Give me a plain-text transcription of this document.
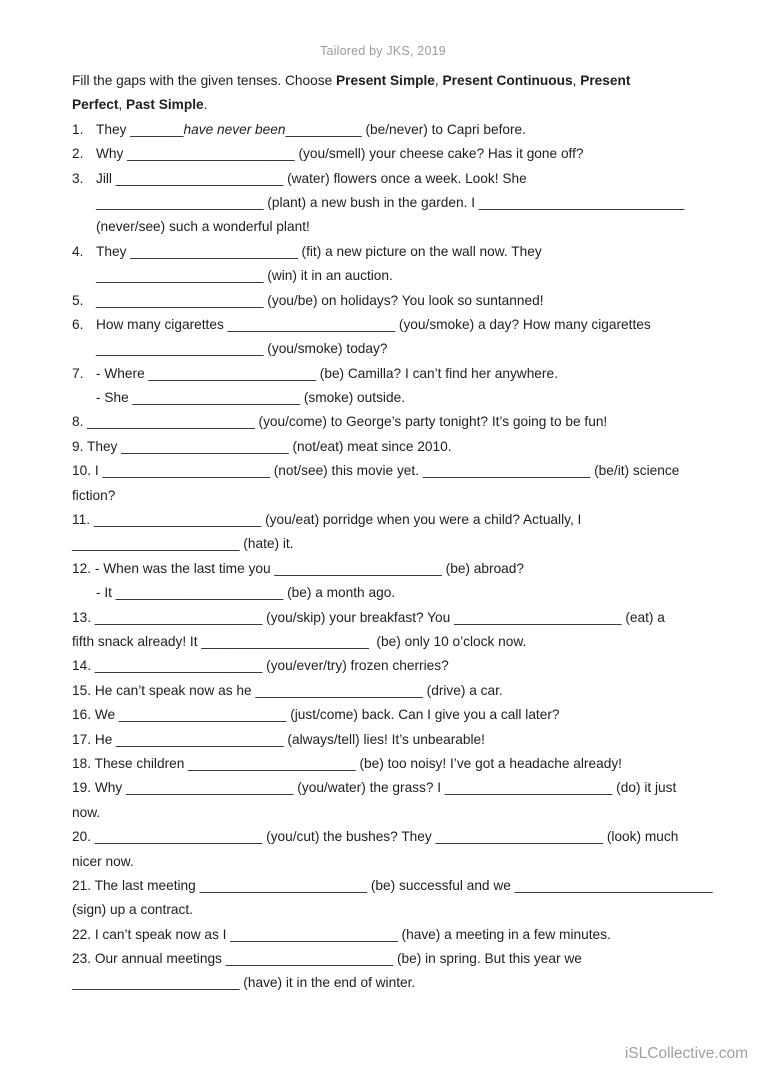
Tailored by JKS, 2019
Fill the gaps with the given tenses. Choose Present Simple, Present Continuous, Present
Perfect, Past Simple.
1. They _______have never been__________ (be/never) to Capri before.
2. Why ______________________ (you/smell) your cheese cake? Has it gone off?
3. Jill ______________________ (water) flowers once a week. Look! She
______________________ (plant) a new bush in the garden. I ___________________________
(never/see) such a wonderful plant!
4. They ______________________ (fit) a new picture on the wall now. They
______________________ (win) it in an auction.
5. ______________________ (you/be) on holidays? You look so suntanned!
6. How many cigarettes ______________________ (you/smoke) a day? How many cigarettes
______________________ (you/smoke) today?
7. - Where ______________________ (be) Camilla? I can’t find her anywhere.
- She ______________________ (smoke) outside.
8. ______________________ (you/come) to George’s party tonight? It’s going to be fun!
9. They ______________________ (not/eat) meat since 2010.
10. I ______________________ (not/see) this movie yet. ______________________ (be/it) science
fiction?
11. ______________________ (you/eat) porridge when you were a child? Actually, I
______________________ (hate) it.
12. - When was the last time you ______________________ (be) abroad?
- It ______________________ (be) a month ago.
13. ______________________ (you/skip) your breakfast? You ______________________ (eat) a
fifth snack already! It ______________________  (be) only 10 o’clock now.
14. ______________________ (you/ever/try) frozen cherries?
15. He can’t speak now as he ______________________ (drive) a car.
16. We ______________________ (just/come) back. Can I give you a call later?
17. He ______________________ (always/tell) lies! It’s unbearable!
18. These children ______________________ (be) too noisy! I’ve got a headache already!
19. Why ______________________ (you/water) the grass? I ______________________ (do) it just
now.
20. ______________________ (you/cut) the bushes? They ______________________ (look) much
nicer now.
21. The last meeting ______________________ (be) successful and we __________________________
(sign) up a contract.
22. I can’t speak now as I ______________________ (have) a meeting in a few minutes.
23. Our annual meetings ______________________ (be) in spring. But this year we
______________________ (have) it in the end of winter.
iSLCollective.com
